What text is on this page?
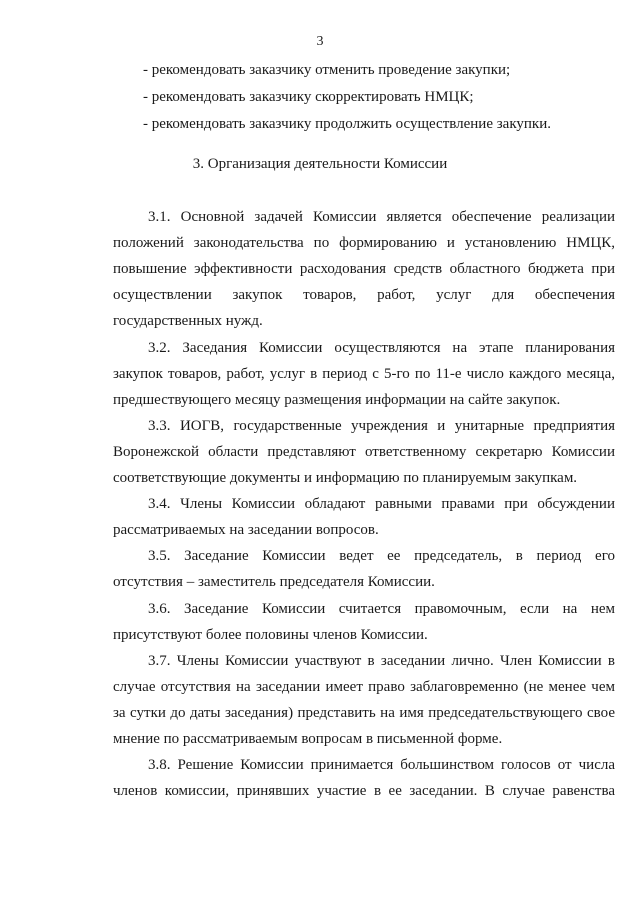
3
- рекомендовать заказчику отменить проведение закупки;
- рекомендовать заказчику скорректировать НМЦК;
- рекомендовать заказчику продолжить осуществление закупки.
3. Организация деятельности Комиссии
3.1. Основной задачей Комиссии является обеспечение реализации
положений законодательства по формированию и установлению НМЦК,
повышение эффективности расходования средств областного бюджета при
осуществлении закупок товаров, работ, услуг для обеспечения
государственных нужд.
3.2. Заседания Комиссии осуществляются на этапе планирования
закупок товаров, работ, услуг в период с 5-го по 11-е число каждого месяца,
предшествующего месяцу размещения информации на сайте закупок.
3.3. ИОГВ, государственные учреждения и унитарные предприятия
Воронежской области представляют ответственному секретарю Комиссии
соответствующие документы и информацию по планируемым закупкам.
3.4. Члены Комиссии обладают равными правами при обсуждении
рассматриваемых на заседании вопросов.
3.5. Заседание Комиссии ведет ее председатель, в период его
отсутствия – заместитель председателя Комиссии.
3.6. Заседание Комиссии считается правомочным, если на нем
присутствуют более половины членов Комиссии.
3.7. Члены Комиссии участвуют в заседании лично. Член Комиссии в
случае отсутствия на заседании имеет право заблаговременно (не менее чем
за сутки до даты заседания) представить на имя председательствующего свое
мнение по рассматриваемым вопросам в письменной форме.
3.8. Решение Комиссии принимается большинством голосов от числа
членов комиссии, принявших участие в ее заседании. В случае равенства
